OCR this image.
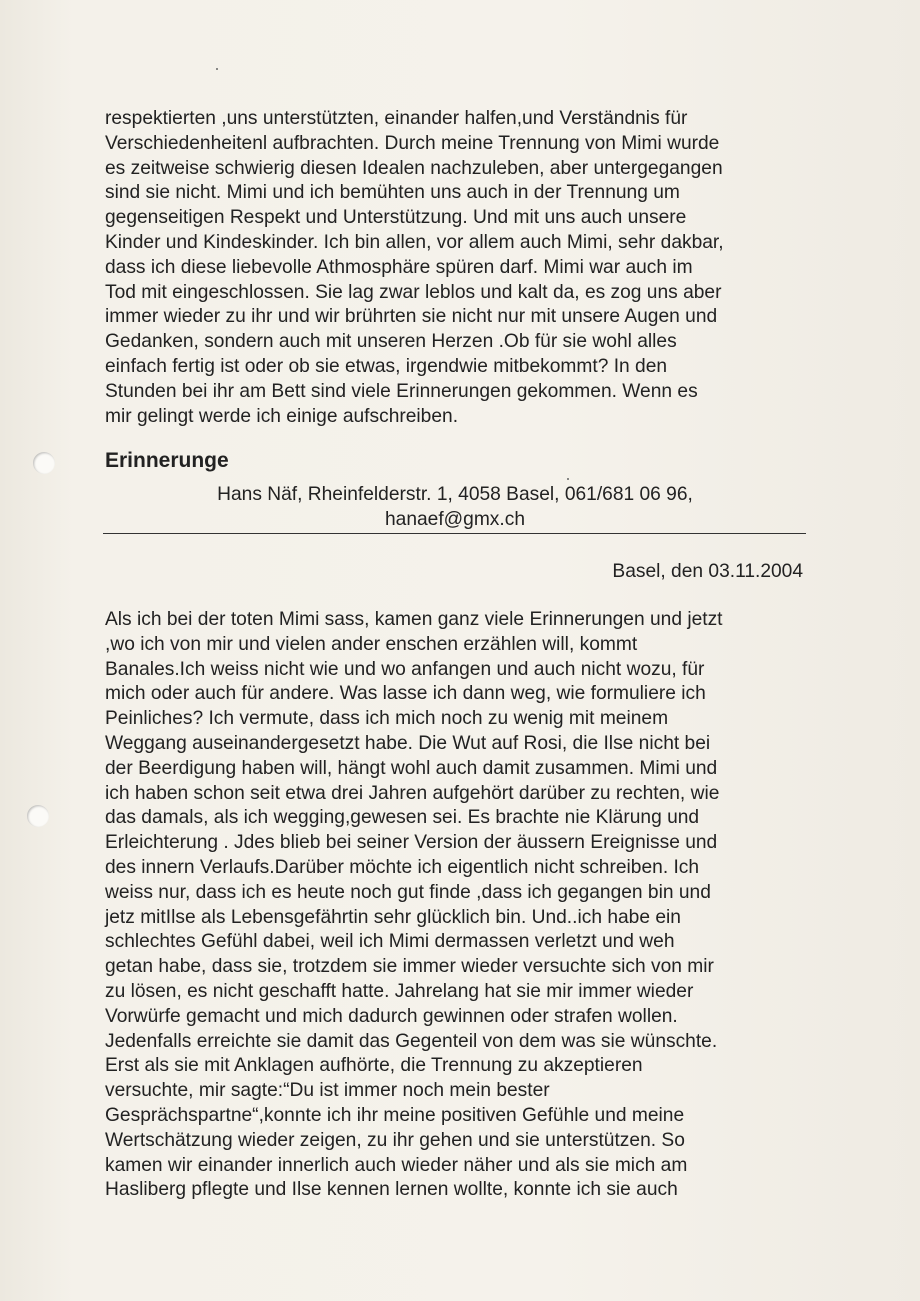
respektierten ,uns unterstützten, einander halfen,und Verständnis für
Verschiedenheitenl aufbrachten. Durch meine Trennung von Mimi wurde
es zeitweise schwierig diesen Idealen nachzuleben, aber untergegangen
sind sie nicht. Mimi und ich bemühten uns auch in der Trennung um
gegenseitigen Respekt und Unterstützung. Und mit uns auch unsere
Kinder und Kindeskinder. Ich bin allen, vor allem auch Mimi, sehr dakbar,
dass ich diese liebevolle Athmosphäre spüren darf. Mimi war auch im
Tod mit eingeschlossen. Sie lag zwar leblos und kalt da, es zog uns aber
immer wieder zu ihr und wir brührten sie nicht nur mit unsere Augen und
Gedanken, sondern auch mit unseren Herzen .Ob für sie wohl alles
einfach fertig ist oder ob sie etwas, irgendwie mitbekommt? In den
Stunden bei ihr am Bett sind viele Erinnerungen gekommen. Wenn es
mir gelingt werde ich einige aufschreiben.
Erinnerunge
Hans Näf, Rheinfelderstr. 1, 4058 Basel, 061/681 06 96,
hanaef@gmx.ch
Basel, den 03.11.2004
Als ich bei der toten Mimi sass, kamen ganz viele Erinnerungen und jetzt
,wo ich von mir und vielen ander enschen erzählen will, kommt
Banales.Ich weiss nicht wie und wo anfangen und auch nicht wozu, für
mich oder auch für andere. Was lasse ich dann weg, wie formuliere ich
Peinliches? Ich vermute, dass ich mich noch zu wenig mit meinem
Weggang auseinandergesetzt habe. Die Wut auf Rosi, die Ilse nicht bei
der Beerdigung haben will, hängt wohl auch damit zusammen. Mimi und
ich haben schon seit etwa drei Jahren aufgehört darüber zu rechten, wie
das damals, als ich wegging,gewesen sei. Es brachte nie Klärung und
Erleichterung . Jdes blieb bei seiner Version der äussern Ereignisse und
des innern Verlaufs.Darüber möchte ich eigentlich nicht schreiben. Ich
weiss nur, dass ich es heute noch gut finde ,dass ich gegangen bin und
jetz mitIlse als Lebensgefährtin sehr glücklich bin. Und..ich habe ein
schlechtes Gefühl dabei, weil ich Mimi dermassen verletzt und weh
getan habe, dass sie, trotzdem sie immer wieder versuchte sich von mir
zu lösen, es nicht geschafft hatte. Jahrelang hat sie mir immer wieder
Vorwürfe gemacht und mich dadurch gewinnen oder strafen wollen.
Jedenfalls erreichte sie damit das Gegenteil von dem was sie wünschte.
Erst als sie mit Anklagen aufhörte, die Trennung zu akzeptieren
versuchte, mir sagte:“Du ist immer noch mein bester
Gesprächspartne“,konnte ich ihr meine positiven Gefühle und meine
Wertschätzung wieder zeigen, zu ihr gehen und sie unterstützen. So
kamen wir einander innerlich auch wieder näher und als sie mich am
Hasliberg pflegte und Ilse kennen lernen wollte, konnte ich sie auch
